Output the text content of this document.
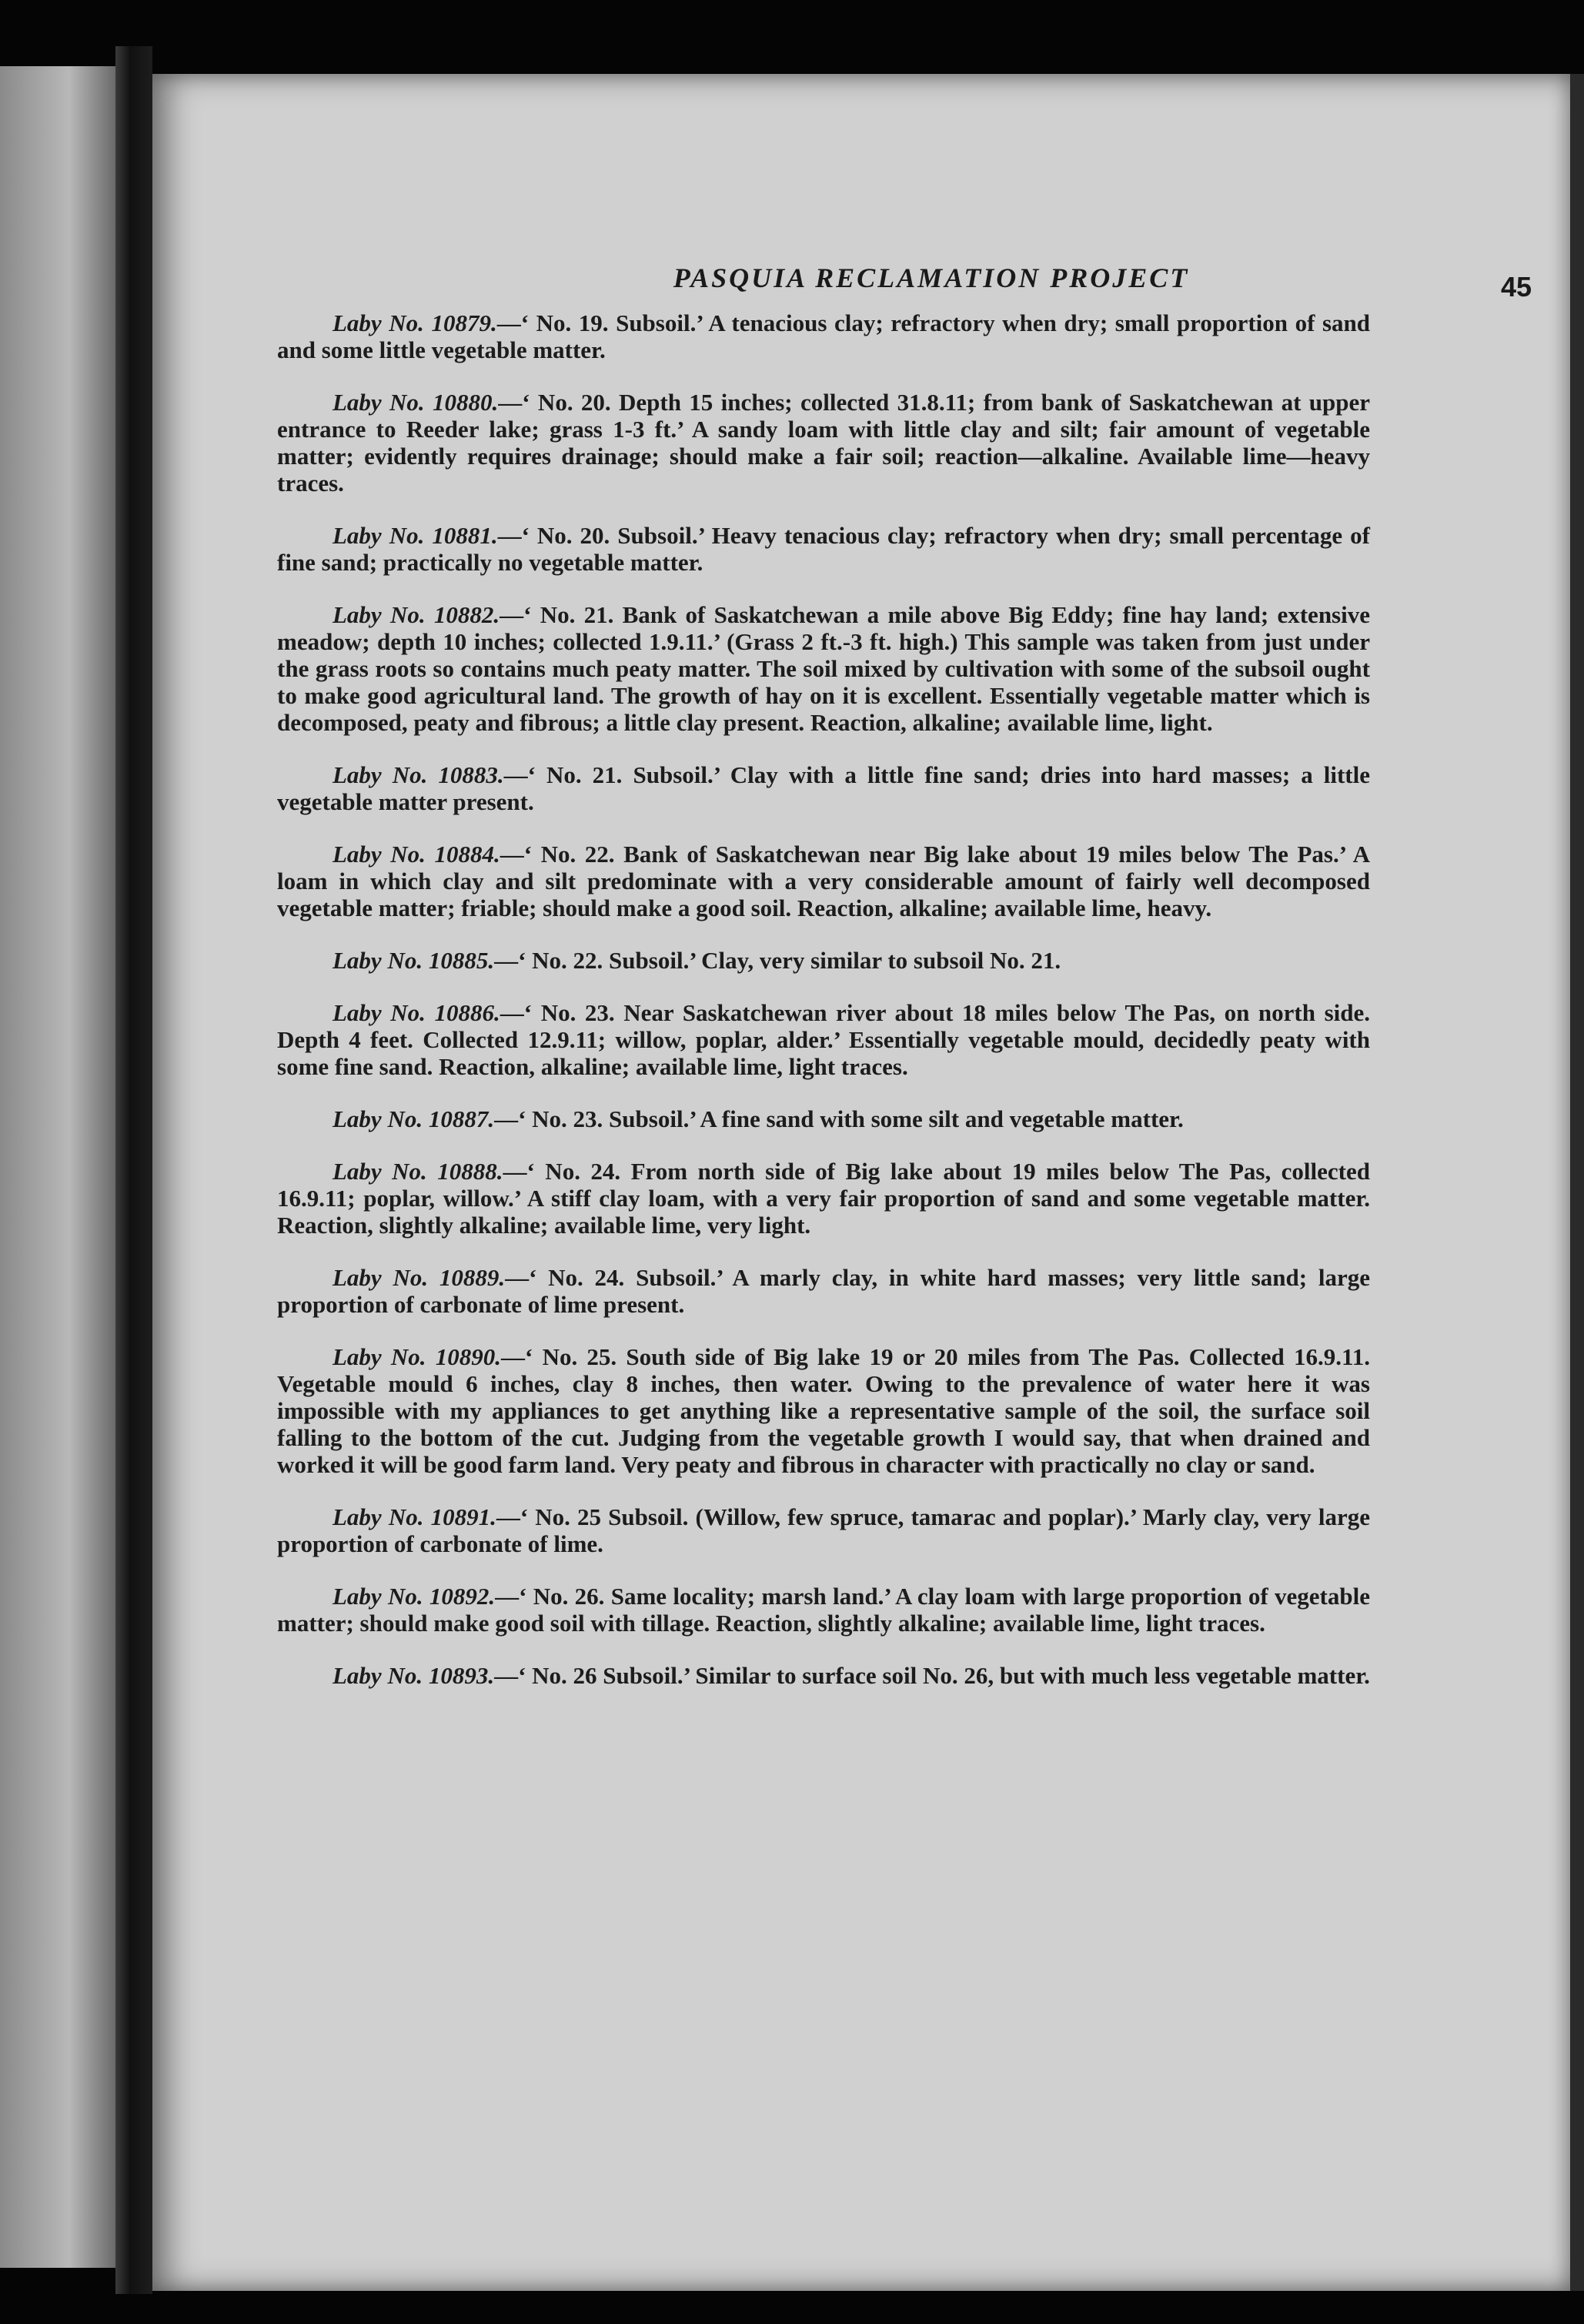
PASQUIA RECLAMATION PROJECT	45

Laby No. 10879.—‘ No. 19. Subsoil.’ A tenacious clay; refractory when dry; small proportion of sand and some little vegetable matter.

Laby No. 10880.—‘ No. 20. Depth 15 inches; collected 31.8.11; from bank of Saskatchewan at upper entrance to Reeder lake; grass 1-3 ft.’ A sandy loam with little clay and silt; fair amount of vegetable matter; evidently requires drainage; should make a fair soil; reaction—alkaline. Available lime—heavy traces.

Laby No. 10881.—‘ No. 20. Subsoil.’ Heavy tenacious clay; refractory when dry; small percentage of fine sand; practically no vegetable matter.

Laby No. 10882.—‘ No. 21. Bank of Saskatchewan a mile above Big Eddy; fine hay land; extensive meadow; depth 10 inches; collected 1.9.11.’ (Grass 2 ft.-3 ft. high.) This sample was taken from just under the grass roots so contains much peaty matter. The soil mixed by cultivation with some of the subsoil ought to make good agricultural land. The growth of hay on it is excellent. Essentially vegetable matter which is decomposed, peaty and fibrous; a little clay present. Reaction, alkaline; available lime, light.

Laby No. 10883.—‘ No. 21. Subsoil.’ Clay with a little fine sand; dries into hard masses; a little vegetable matter present.

Laby No. 10884.—‘ No. 22. Bank of Saskatchewan near Big lake about 19 miles below The Pas.’ A loam in which clay and silt predominate with a very considerable amount of fairly well decomposed vegetable matter; friable; should make a good soil. Reaction, alkaline; available lime, heavy.

Laby No. 10885.—‘ No. 22. Subsoil.’ Clay, very similar to subsoil No. 21.

Laby No. 10886.—‘ No. 23. Near Saskatchewan river about 18 miles below The Pas, on north side. Depth 4 feet. Collected 12.9.11; willow, poplar, alder.’ Essentially vegetable mould, decidedly peaty with some fine sand. Reaction, alkaline; available lime, light traces.

Laby No. 10887.—‘ No. 23. Subsoil.’ A fine sand with some silt and vegetable matter.

Laby No. 10888.—‘ No. 24. From north side of Big lake about 19 miles below The Pas, collected 16.9.11; poplar, willow.’ A stiff clay loam, with a very fair proportion of sand and some vegetable matter. Reaction, slightly alkaline; available lime, very light.

Laby No. 10889.—‘ No. 24. Subsoil.’ A marly clay, in white hard masses; very little sand; large proportion of carbonate of lime present.

Laby No. 10890.—‘ No. 25. South side of Big lake 19 or 20 miles from The Pas. Collected 16.9.11. Vegetable mould 6 inches, clay 8 inches, then water. Owing to the prevalence of water here it was impossible with my appliances to get anything like a representative sample of the soil, the surface soil falling to the bottom of the cut. Judging from the vegetable growth I would say, that when drained and worked it will be good farm land. Very peaty and fibrous in character with practically no clay or sand.

Laby No. 10891.—‘ No. 25 Subsoil. (Willow, few spruce, tamarac and poplar).’ Marly clay, very large proportion of carbonate of lime.

Laby No. 10892.—‘ No. 26. Same locality; marsh land.’ A clay loam with large proportion of vegetable matter; should make good soil with tillage. Reaction, slightly alkaline; available lime, light traces.

Laby No. 10893.—‘ No. 26 Subsoil.’ Similar to surface soil No. 26, but with much less vegetable matter.
